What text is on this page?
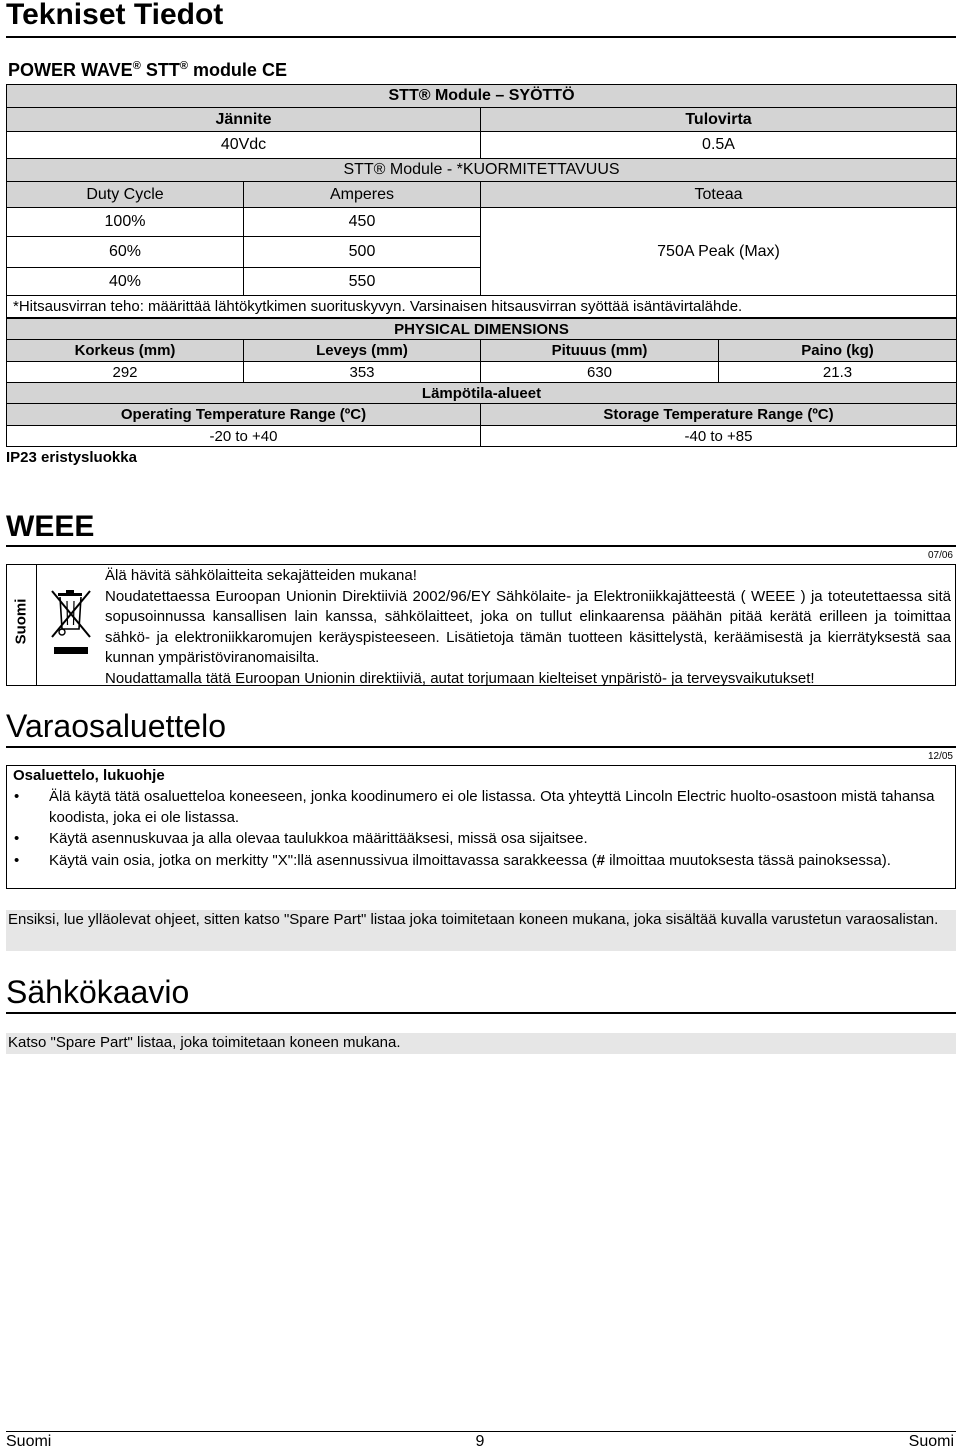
Tekniset Tiedot
POWER WAVE® STT® module CE
STT® Module – SYÖTTÖ		
Jännite		Tulovirta
40Vdc		0.5A
STT® Module - *KUORMITETTAVUUS		
Duty Cycle	Amperes	Toteaa
100%	450	750A Peak (Max)
60%	500	
40%	550	
*Hitsausvirran teho: määrittää lähtökytkimen suorituskyvyn. Varsinaisen hitsausvirran syöttää isäntävirtalähde.		
PHYSICAL DIMENSIONS			
Korkeus (mm)	Leveys (mm)	Pituuus (mm)	Paino (kg)
292	353	630	21.3
Lämpötila-alueet			
Operating Temperature Range (ºC)		Storage Temperature Range (ºC)	
-20 to +40		-40 to +85	
IP23 eristysluokka
WEEE
07/06
Suomi
Älä hävitä sähkölaitteita sekajätteiden mukana!
Noudatettaessa Euroopan Unionin Direktiiviä 2002/96/EY Sähkölaite- ja Elektroniikkajätteestä ( WEEE ) ja toteutettaessa sitä sopusoinnussa kansallisen lain kanssa, sähkölaitteet, joka on tullut elinkaarensa päähän pitää kerätä erilleen ja toimittaa sähkö- ja elektroniikkaromujen keräyspisteeseen. Lisätietoja tämän tuotteen käsittelystä, keräämisestä ja kierrätyksestä saa kunnan ympäristöviranomaisilta.
Noudattamalla tätä Euroopan Unionin direktiiviä, autat torjumaan kielteiset ynpäristö- ja terveysvaikutukset!
Varaosaluettelo
12/05
Osaluettelo, lukuohje
• Älä käytä tätä osaluetteloa koneeseen, jonka koodinumero ei ole listassa. Ota yhteyttä Lincoln Electric huolto-osastoon mistä tahansa koodista, joka ei ole listassa.
• Käytä asennuskuvaa ja alla olevaa taulukkoa määrittääksesi, missä osa sijaitsee.
• Käytä vain osia, jotka on merkitty "X":llä asennussivua ilmoittavassa sarakkeessa (# ilmoittaa muutoksesta tässä painoksessa).
Ensiksi, lue ylläolevat ohjeet, sitten katso "Spare Part" listaa joka toimitetaan koneen mukana, joka sisältää kuvalla varustetun varaosalistan.
Sähkökaavio
Katso "Spare Part" listaa, joka toimitetaan koneen mukana.
Suomi	9	Suomi
